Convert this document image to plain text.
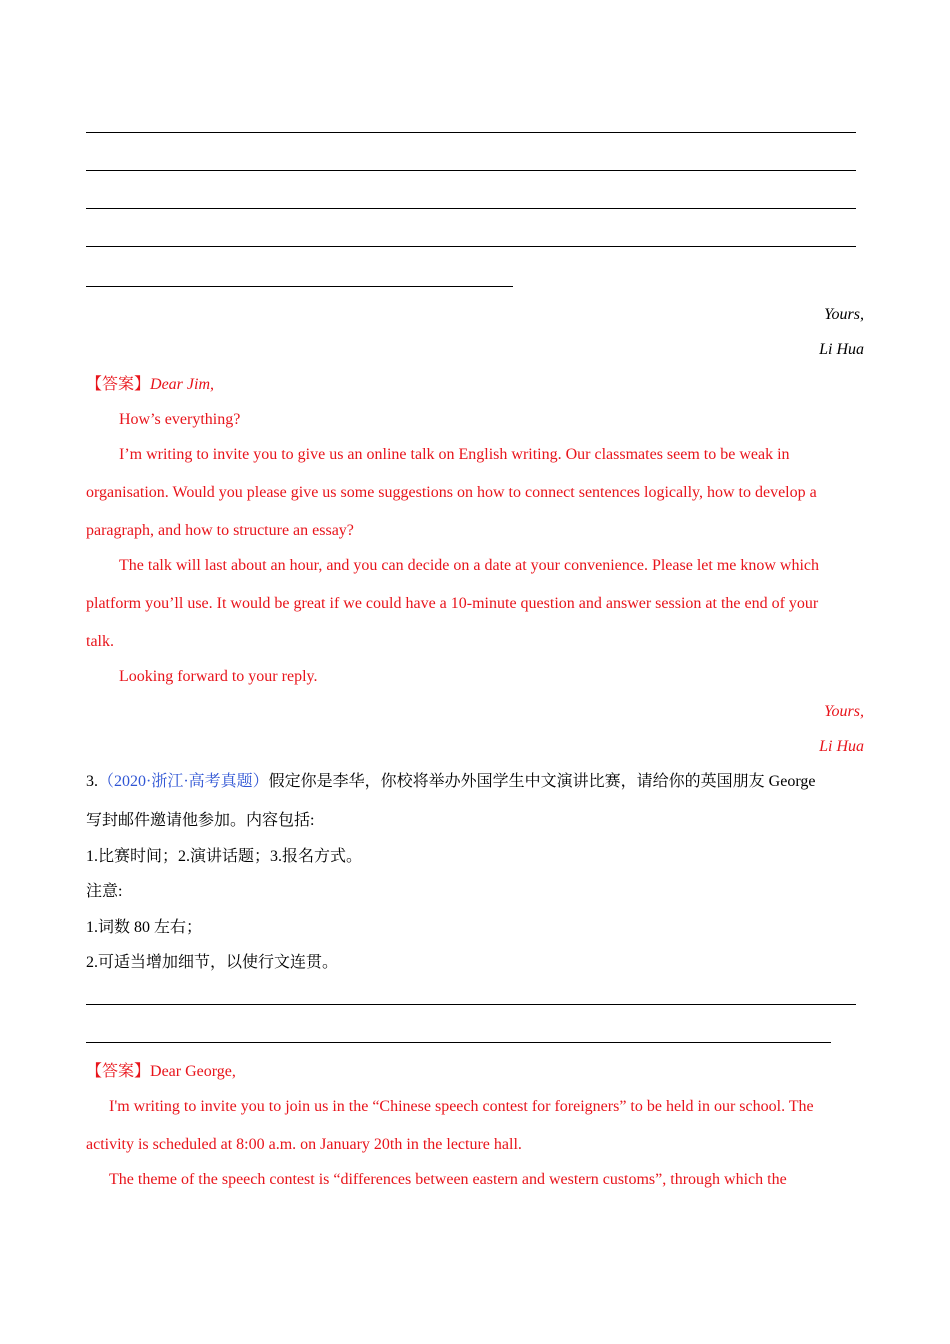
Yours,
Li Hua
【答案】Dear Jim,
How’s everything?
I’m writing to invite you to give us an online talk on English writing. Our classmates seem to be weak in
organisation. Would you please give us some suggestions on how to connect sentences logically, how to develop a
paragraph, and how to structure an essay?
The talk will last about an hour, and you can decide on a date at your convenience. Please let me know which
platform you’ll use. It would be great if we could have a 10-minute question and answer session at the end of your
talk.
Looking forward to your reply.
Yours,
Li Hua
3.（2020·浙江·高考真题）假定你是李华，你校将举办外国学生中文演讲比赛，请给你的英国朋友 George
写封邮件邀请他参加。内容包括:
1.比赛时间；2.演讲话题；3.报名方式。
注意:
1.词数 80 左右；
2.可适当增加细节，以使行文连贯。
【答案】Dear George,
I'm writing to invite you to join us in the “Chinese speech contest for foreigners” to be held in our school. The
activity is scheduled at 8:00 a.m. on January 20th in the lecture hall.
The theme of the speech contest is “differences between eastern and western customs”, through which the
